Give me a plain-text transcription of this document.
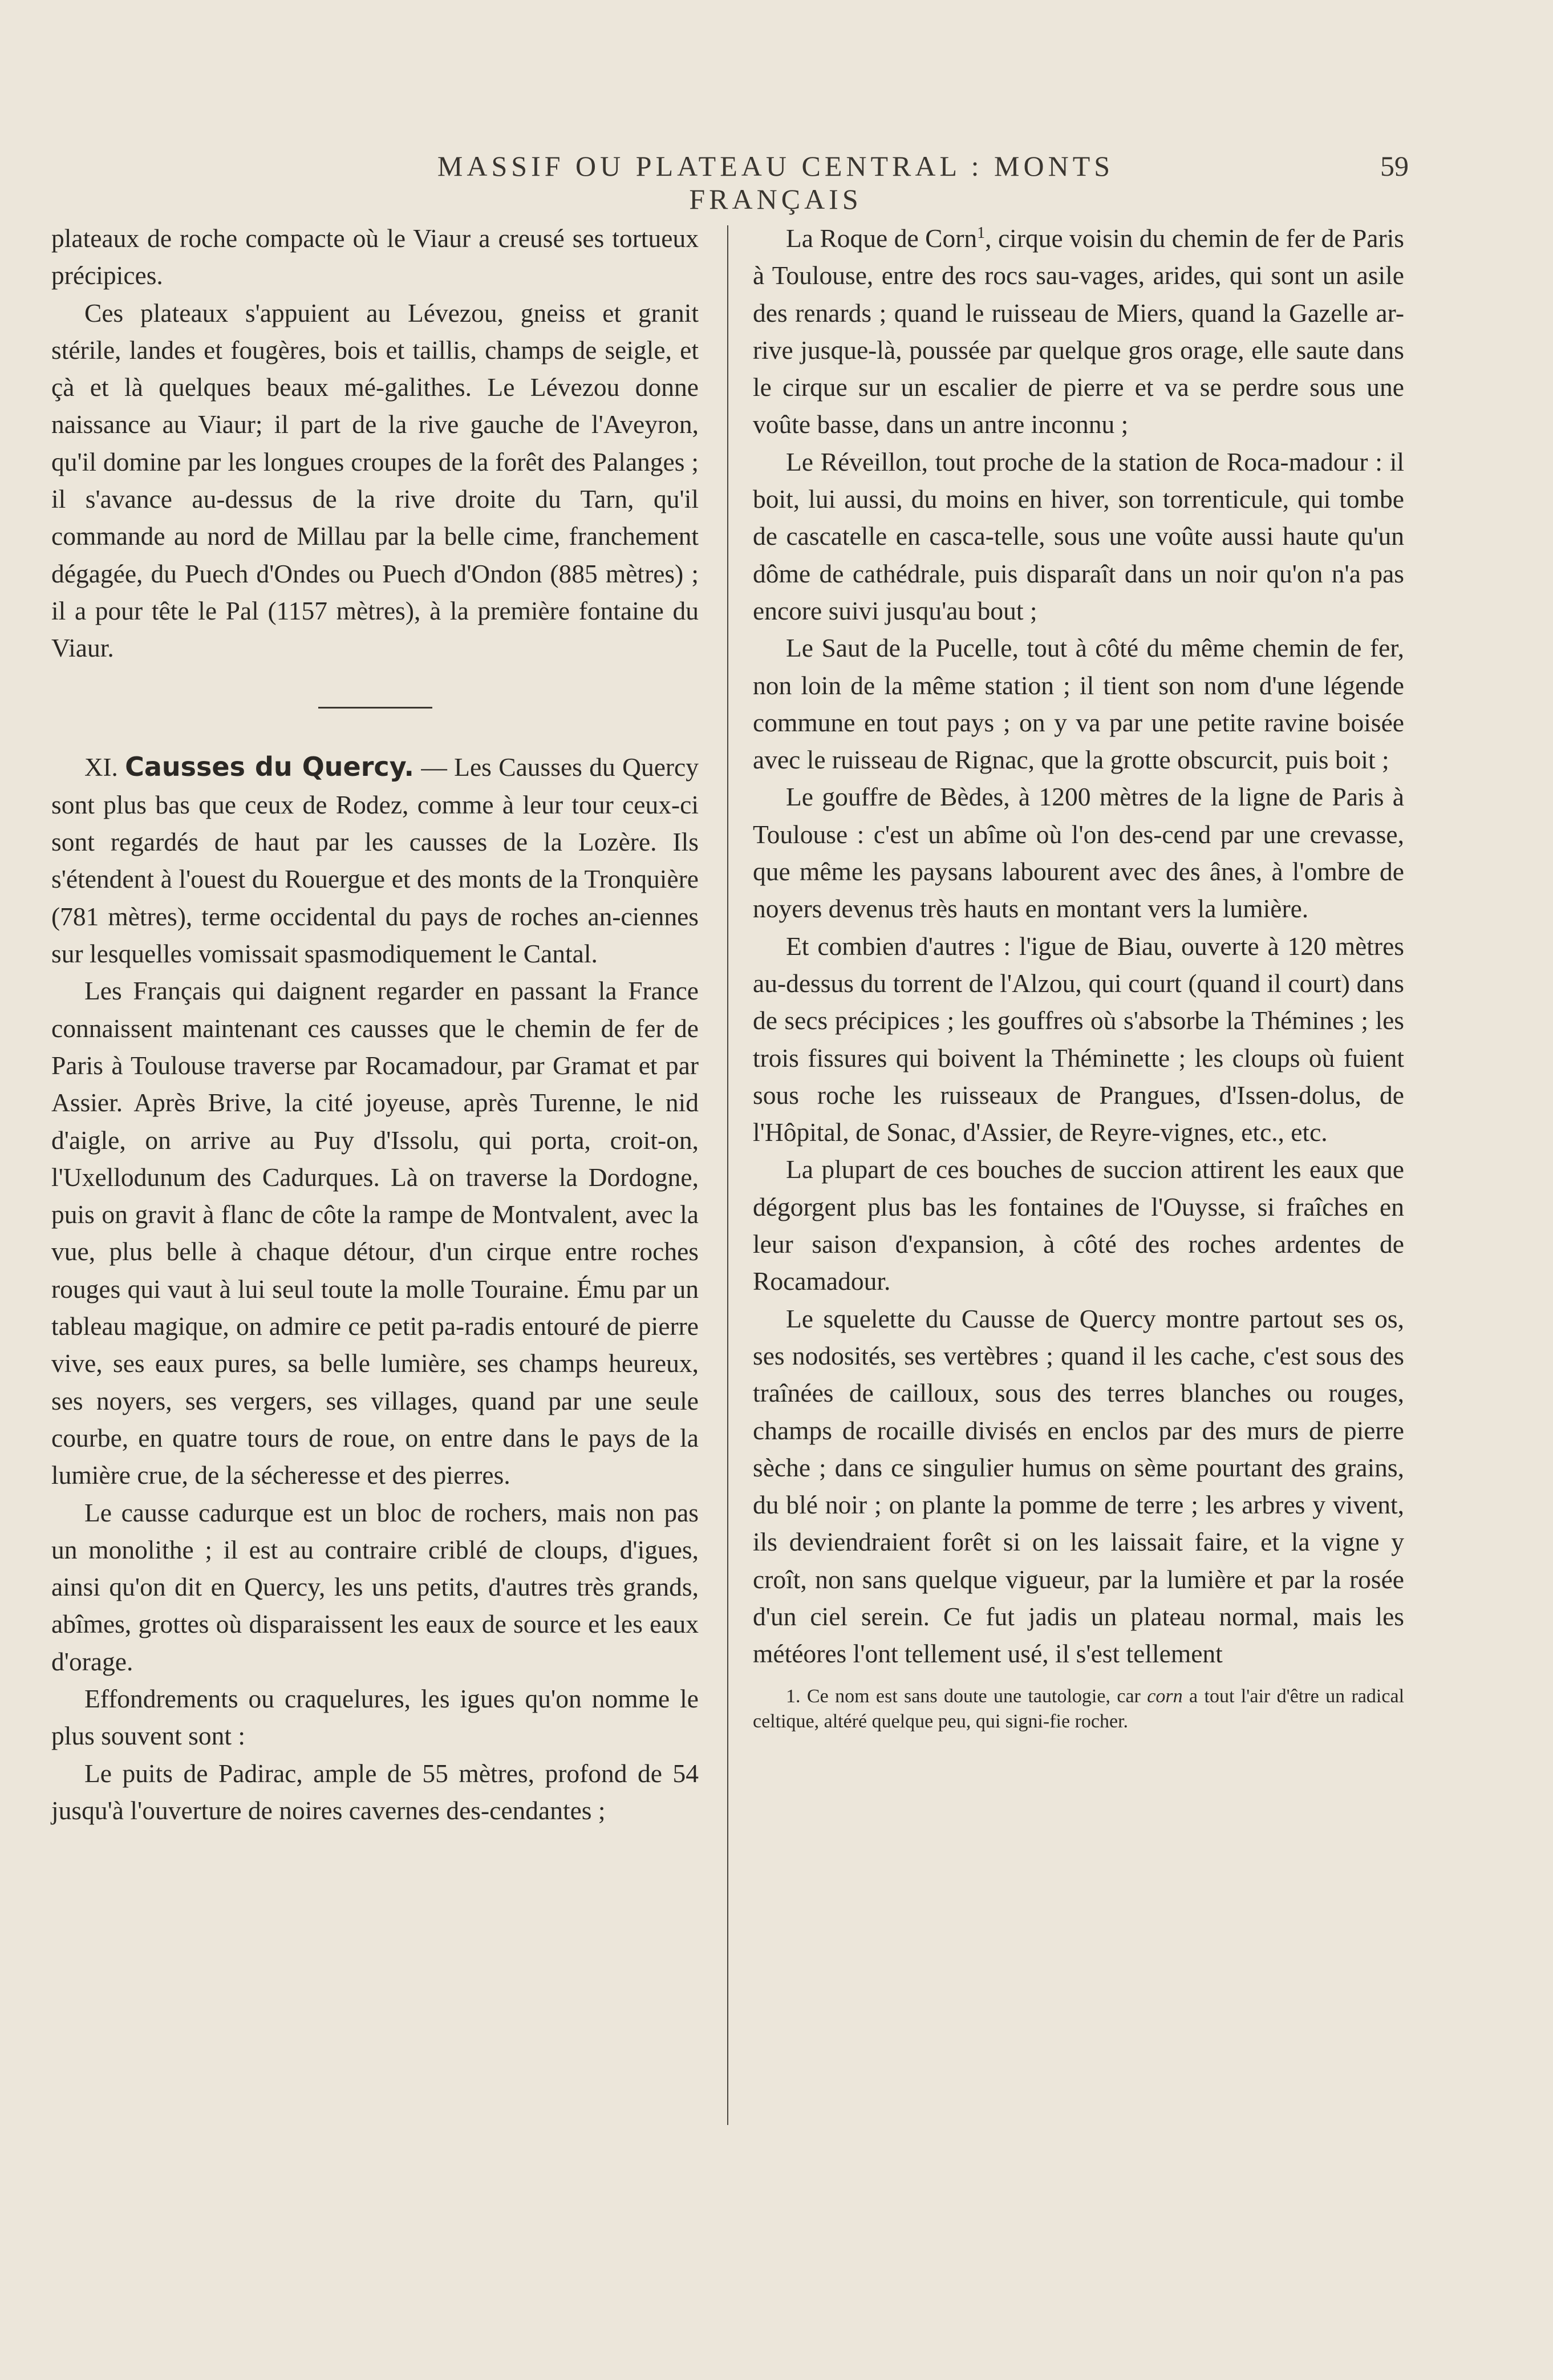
MASSIF OU PLATEAU CENTRAL : MONTS FRANÇAIS
59

plateaux de roche compacte où le Viaur a creusé ses tortueux précipices.

Ces plateaux s'appuient au Lévezou, gneiss et granit stérile, landes et fougères, bois et taillis, champs de seigle, et çà et là quelques beaux mé-galithes. Le Lévezou donne naissance au Viaur; il part de la rive gauche de l'Aveyron, qu'il domine par les longues croupes de la forêt des Palanges ; il s'avance au-dessus de la rive droite du Tarn, qu'il commande au nord de Millau par la belle cime, franchement dégagée, du Puech d'Ondes ou Puech d'Ondon (885 mètres) ; il a pour tête le Pal (1157 mètres), à la première fontaine du Viaur.

XI. Causses du Quercy. — Les Causses du Quercy sont plus bas que ceux de Rodez, comme à leur tour ceux-ci sont regardés de haut par les causses de la Lozère. Ils s'étendent à l'ouest du Rouergue et des monts de la Tronquière (781 mètres), terme occidental du pays de roches an-ciennes sur lesquelles vomissait spasmodiquement le Cantal.

Les Français qui daignent regarder en passant la France connaissent maintenant ces causses que le chemin de fer de Paris à Toulouse traverse par Rocamadour, par Gramat et par Assier. Après Brive, la cité joyeuse, après Turenne, le nid d'aigle, on arrive au Puy d'Issolu, qui porta, croit-on, l'Uxellodunum des Cadurques. Là on traverse la Dordogne, puis on gravit à flanc de côte la rampe de Montvalent, avec la vue, plus belle à chaque détour, d'un cirque entre roches rouges qui vaut à lui seul toute la molle Touraine. Ému par un tableau magique, on admire ce petit pa-radis entouré de pierre vive, ses eaux pures, sa belle lumière, ses champs heureux, ses noyers, ses vergers, ses villages, quand par une seule courbe, en quatre tours de roue, on entre dans le pays de la lumière crue, de la sécheresse et des pierres.

Le causse cadurque est un bloc de rochers, mais non pas un monolithe ; il est au contraire criblé de cloups, d'igues, ainsi qu'on dit en Quercy, les uns petits, d'autres très grands, abîmes, grottes où disparaissent les eaux de source et les eaux d'orage.

Effondrements ou craquelures, les igues qu'on nomme le plus souvent sont :

Le puits de Padirac, ample de 55 mètres, profond de 54 jusqu'à l'ouverture de noires cavernes des-cendantes ;

La Roque de Corn$^1$, cirque voisin du chemin de fer de Paris à Toulouse, entre des rocs sau-vages, arides, qui sont un asile des renards ; quand le ruisseau de Miers, quand la Gazelle ar-rive jusque-là, poussée par quelque gros orage, elle saute dans le cirque sur un escalier de pierre et va se perdre sous une voûte basse, dans un antre inconnu ;

Le Réveillon, tout proche de la station de Roca-madour : il boit, lui aussi, du moins en hiver, son torrenticule, qui tombe de cascatelle en casca-telle, sous une voûte aussi haute qu'un dôme de cathédrale, puis disparaît dans un noir qu'on n'a pas encore suivi jusqu'au bout ;

Le Saut de la Pucelle, tout à côté du même chemin de fer, non loin de la même station ; il tient son nom d'une légende commune en tout pays ; on y va par une petite ravine boisée avec le ruisseau de Rignac, que la grotte obscurcit, puis boit ;

Le gouffre de Bèdes, à 1200 mètres de la ligne de Paris à Toulouse : c'est un abîme où l'on des-cend par une crevasse, que même les paysans labourent avec des ânes, à l'ombre de noyers devenus très hauts en montant vers la lumière.

Et combien d'autres : l'igue de Biau, ouverte à 120 mètres au-dessus du torrent de l'Alzou, qui court (quand il court) dans de secs précipices ; les gouffres où s'absorbe la Thémines ; les trois fissures qui boivent la Théminette ; les cloups où fuient sous roche les ruisseaux de Prangues, d'Issen-dolus, de l'Hôpital, de Sonac, d'Assier, de Reyre-vignes, etc., etc.

La plupart de ces bouches de succion attirent les eaux que dégorgent plus bas les fontaines de l'Ouysse, si fraîches en leur saison d'expansion, à côté des roches ardentes de Rocamadour.

Le squelette du Causse de Quercy montre partout ses os, ses nodosités, ses vertèbres ; quand il les cache, c'est sous des traînées de cailloux, sous des terres blanches ou rouges, champs de rocaille divisés en enclos par des murs de pierre sèche ; dans ce singulier humus on sème pourtant des grains, du blé noir ; on plante la pomme de terre ; les arbres y vivent, ils deviendraient forêt si on les laissait faire, et la vigne y croît, non sans quelque vigueur, par la lumière et par la rosée d'un ciel serein. Ce fut jadis un plateau normal, mais les météores l'ont tellement usé, il s'est tellement

1. Ce nom est sans doute une tautologie, car corn a tout l'air d'être un radical celtique, altéré quelque peu, qui signi-fie rocher.
